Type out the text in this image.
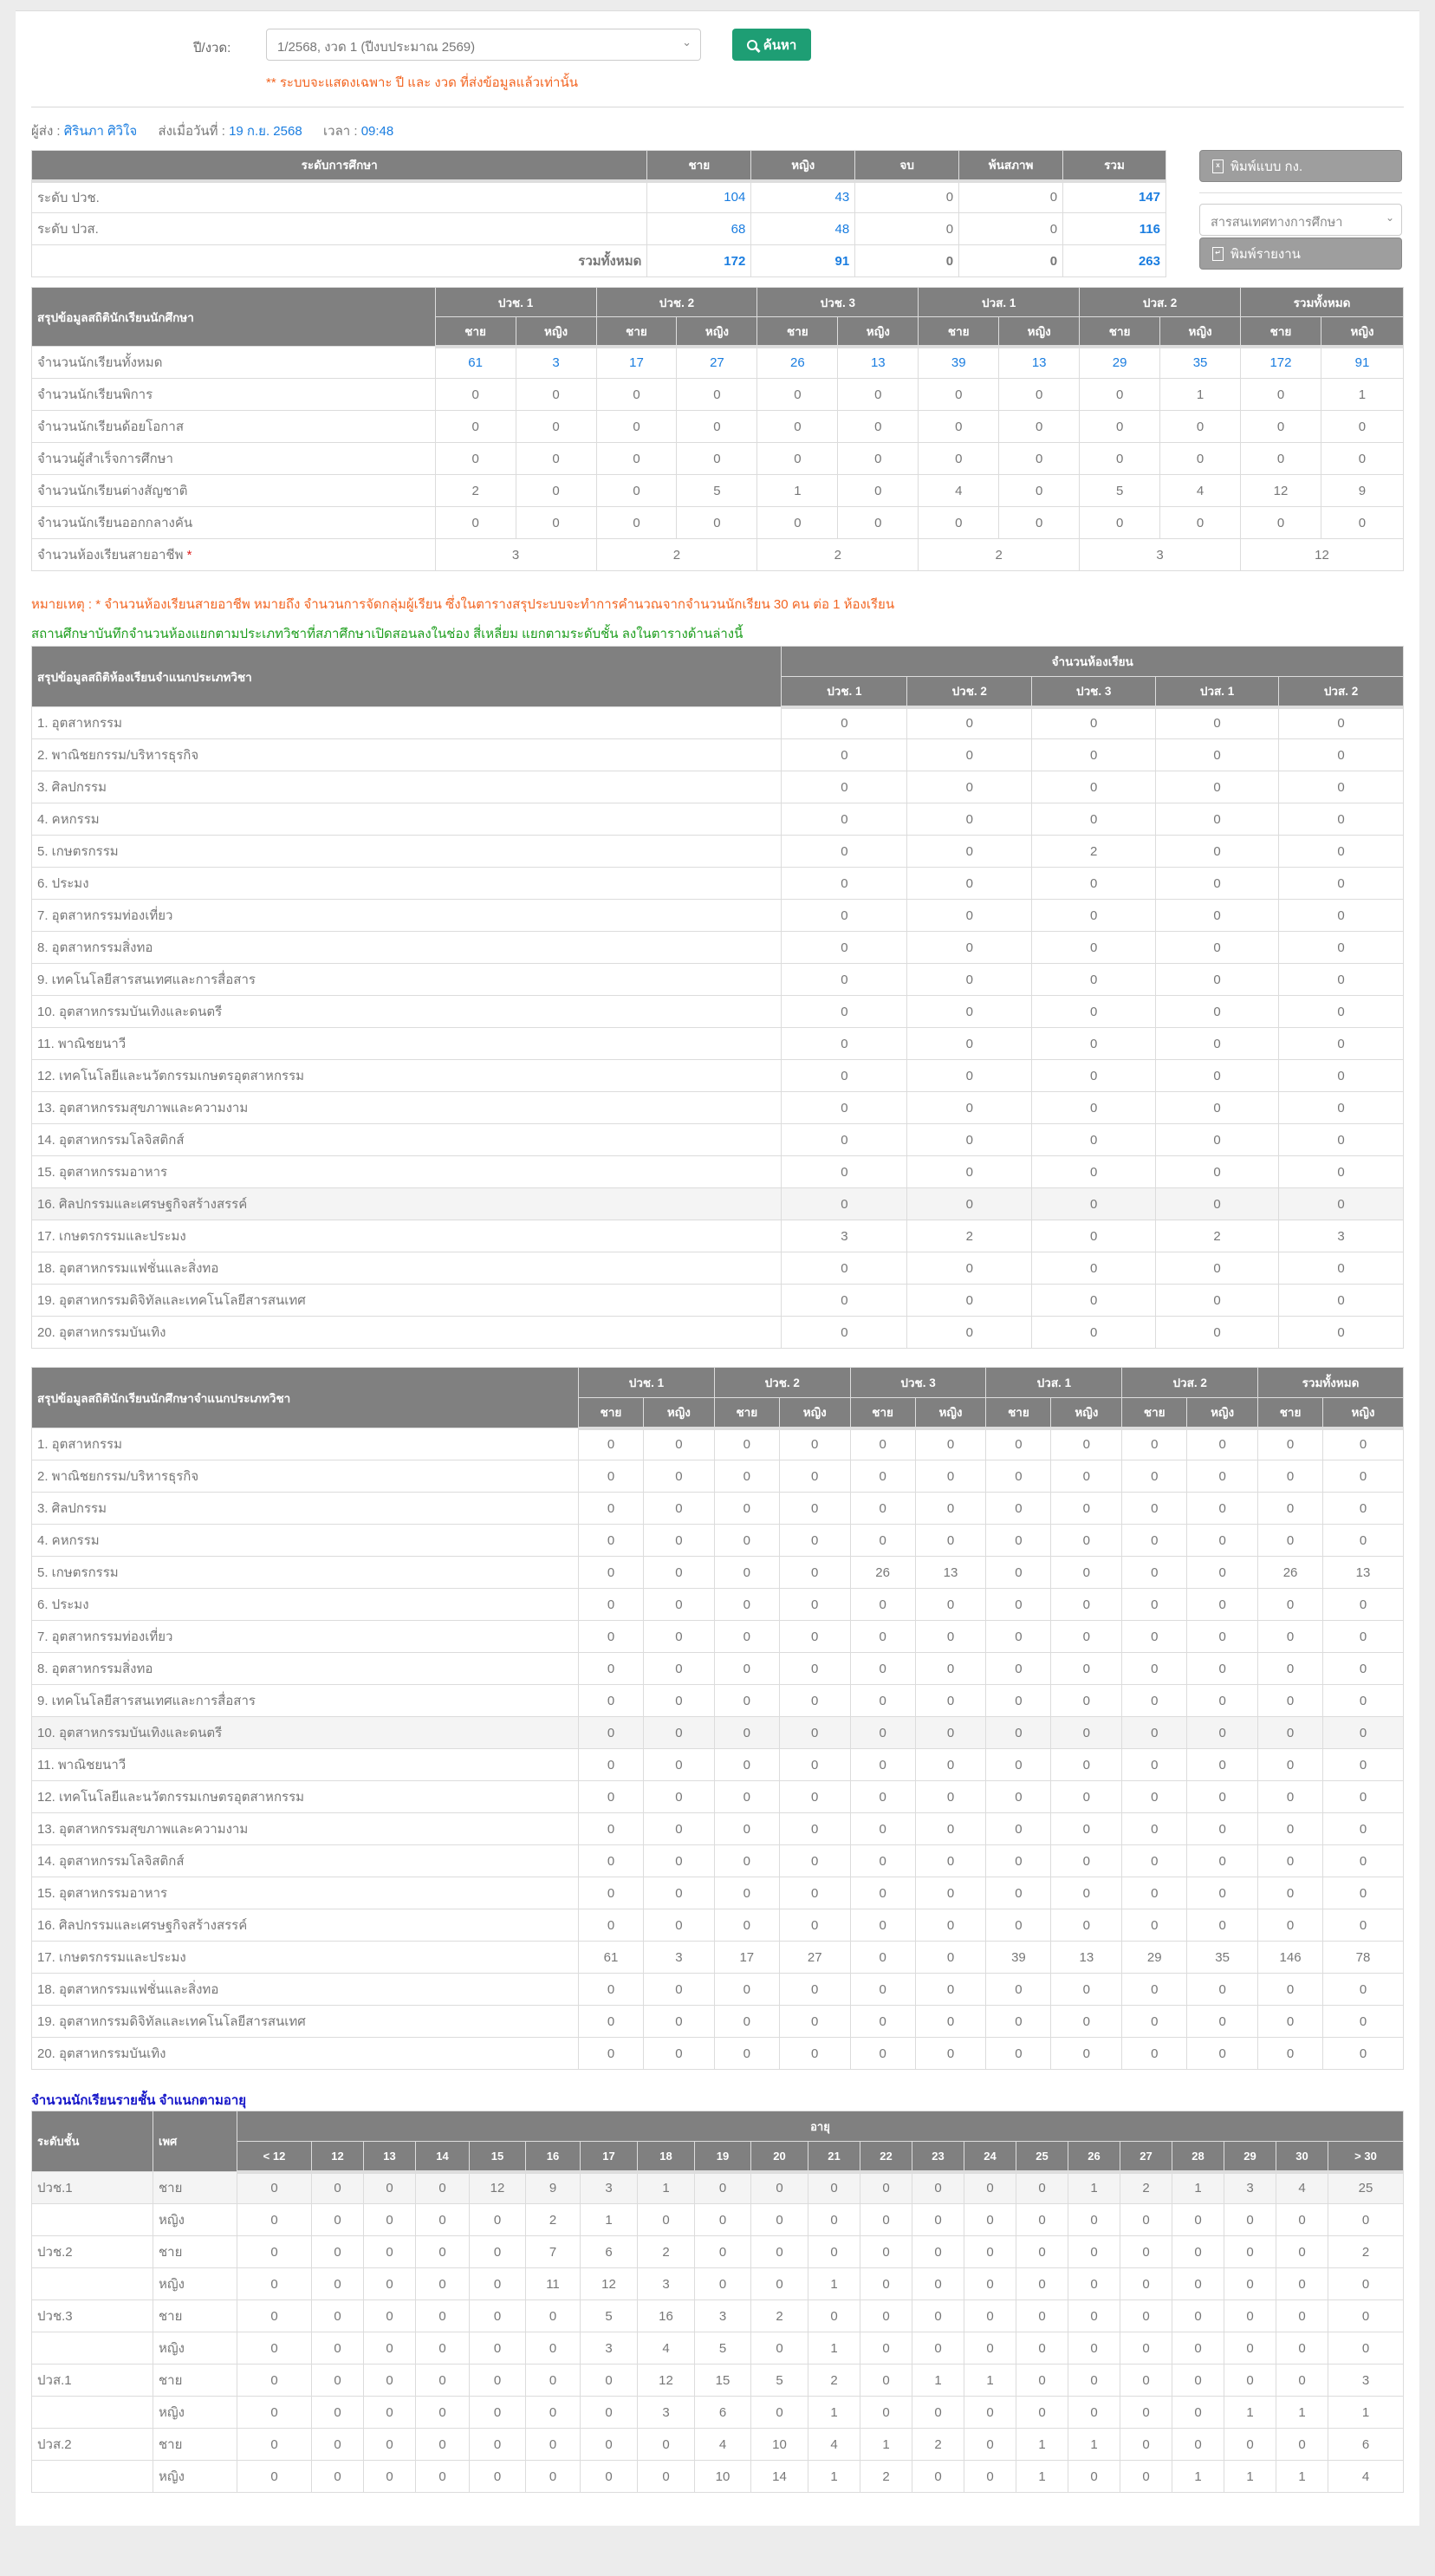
ปี/งวด:	1/2568, งวด 1 (ปีงบประมาณ 2569)	⌄	ค้นหา
** ระบบจะแสดงเฉพาะ ปี และ งวด ที่ส่งข้อมูลแล้วเท่านั้น
ผู้ส่ง : ศิรินภา ศิวิใจ ส่งเมื่อวันที่ : 19 ก.ย. 2568 เวลา : 09:48
ระดับการศึกษา	ชาย	หญิง	จบ	พ้นสภาพ	รวม
ระดับ ปวช.	104	43	0	0	147
ระดับ ปวส.	68	48	0	0	116
รวมทั้งหมด	172	91	0	0	263
x พิมพ์แบบ กง.
สารสนเทศทางการศึกษา	⌄
↵ พิมพ์รายงาน
สรุปข้อมูลสถิตินักเรียนนักศึกษา	ปวช. 1		ปวช. 2		ปวช. 3		ปวส. 1		ปวส. 2		รวมทั้งหมด	
	ชาย	หญิง	ชาย	หญิง	ชาย	หญิง	ชาย	หญิง	ชาย	หญิง	ชาย	หญิง
จำนวนนักเรียนทั้งหมด	61	3	17	27	26	13	39	13	29	35	172	91
จำนวนนักเรียนพิการ	0	0	0	0	0	0	0	0	0	1	0	1
จำนวนนักเรียนด้อยโอกาส	0	0	0	0	0	0	0	0	0	0	0	0
จำนวนผู้สำเร็จการศึกษา	0	0	0	0	0	0	0	0	0	0	0	0
จำนวนนักเรียนต่างสัญชาติ	2	0	0	5	1	0	4	0	5	4	12	9
จำนวนนักเรียนออกกลางคัน	0	0	0	0	0	0	0	0	0	0	0	0
จำนวนห้องเรียนสายอาชีพ *	3		2		2		2		3		12	
หมายเหตุ : * จำนวนห้องเรียนสายอาชีพ หมายถึง จำนวนการจัดกลุ่มผู้เรียน ซึ่งในตารางสรุประบบจะทำการคำนวณจากจำนวนนักเรียน 30 คน ต่อ 1 ห้องเรียน
สถานศึกษาบันทึกจำนวนห้องแยกตามประเภทวิชาที่สภาศึกษาเปิดสอนลงในช่อง สี่เหลี่ยม แยกตามระดับชั้น ลงในตารางด้านล่างนี้
สรุปข้อมูลสถิติห้องเรียนจำแนกประเภทวิชา	จำนวนห้องเรียน				
	ปวช. 1	ปวช. 2	ปวช. 3	ปวส. 1	ปวส. 2
1. อุตสาหกรรม	0	0	0	0	0
2. พาณิชยกรรม/บริหารธุรกิจ	0	0	0	0	0
3. ศิลปกรรม	0	0	0	0	0
4. คหกรรม	0	0	0	0	0
5. เกษตรกรรม	0	0	2	0	0
6. ประมง	0	0	0	0	0
7. อุตสาหกรรมท่องเที่ยว	0	0	0	0	0
8. อุตสาหกรรมสิ่งทอ	0	0	0	0	0
9. เทคโนโลยีสารสนเทศและการสื่อสาร	0	0	0	0	0
10. อุตสาหกรรมบันเทิงและดนตรี	0	0	0	0	0
11. พาณิชยนาวี	0	0	0	0	0
12. เทคโนโลยีและนวัตกรรมเกษตรอุตสาหกรรม	0	0	0	0	0
13. อุตสาหกรรมสุขภาพและความงาม	0	0	0	0	0
14. อุตสาหกรรมโลจิสติกส์	0	0	0	0	0
15. อุตสาหกรรมอาหาร	0	0	0	0	0
16. ศิลปกรรมและเศรษฐกิจสร้างสรรค์	0	0	0	0	0
17. เกษตรกรรมและประมง	3	2	0	2	3
18. อุตสาหกรรมแฟชั่นและสิ่งทอ	0	0	0	0	0
19. อุตสาหกรรมดิจิทัลและเทคโนโลยีสารสนเทศ	0	0	0	0	0
20. อุตสาหกรรมบันเทิง	0	0	0	0	0
สรุปข้อมูลสถิตินักเรียนนักศึกษาจำแนกประเภทวิชา	ปวช. 1		ปวช. 2		ปวช. 3		ปวส. 1		ปวส. 2		รวมทั้งหมด	
	ชาย	หญิง	ชาย	หญิง	ชาย	หญิง	ชาย	หญิง	ชาย	หญิง	ชาย	หญิง
1. อุตสาหกรรม	0	0	0	0	0	0	0	0	0	0	0	0
2. พาณิชยกรรม/บริหารธุรกิจ	0	0	0	0	0	0	0	0	0	0	0	0
3. ศิลปกรรม	0	0	0	0	0	0	0	0	0	0	0	0
4. คหกรรม	0	0	0	0	0	0	0	0	0	0	0	0
5. เกษตรกรรม	0	0	0	0	26	13	0	0	0	0	26	13
6. ประมง	0	0	0	0	0	0	0	0	0	0	0	0
7. อุตสาหกรรมท่องเที่ยว	0	0	0	0	0	0	0	0	0	0	0	0
8. อุตสาหกรรมสิ่งทอ	0	0	0	0	0	0	0	0	0	0	0	0
9. เทคโนโลยีสารสนเทศและการสื่อสาร	0	0	0	0	0	0	0	0	0	0	0	0
10. อุตสาหกรรมบันเทิงและดนตรี	0	0	0	0	0	0	0	0	0	0	0	0
11. พาณิชยนาวี	0	0	0	0	0	0	0	0	0	0	0	0
12. เทคโนโลยีและนวัตกรรมเกษตรอุตสาหกรรม	0	0	0	0	0	0	0	0	0	0	0	0
13. อุตสาหกรรมสุขภาพและความงาม	0	0	0	0	0	0	0	0	0	0	0	0
14. อุตสาหกรรมโลจิสติกส์	0	0	0	0	0	0	0	0	0	0	0	0
15. อุตสาหกรรมอาหาร	0	0	0	0	0	0	0	0	0	0	0	0
16. ศิลปกรรมและเศรษฐกิจสร้างสรรค์	0	0	0	0	0	0	0	0	0	0	0	0
17. เกษตรกรรมและประมง	61	3	17	27	0	0	39	13	29	35	146	78
18. อุตสาหกรรมแฟชั่นและสิ่งทอ	0	0	0	0	0	0	0	0	0	0	0	0
19. อุตสาหกรรมดิจิทัลและเทคโนโลยีสารสนเทศ	0	0	0	0	0	0	0	0	0	0	0	0
20. อุตสาหกรรมบันเทิง	0	0	0	0	0	0	0	0	0	0	0	0
จำนวนนักเรียนรายชั้น จำแนกตามอายุ
ระดับชั้น	เพศ	อายุ																				
		< 12	12	13	14	15	16	17	18	19	20	21	22	23	24	25	26	27	28	29	30	> 30
ปวช.1	ชาย	0	0	0	0	12	9	3	1	0	0	0	0	0	0	0	1	2	1	3	4	25
	หญิง	0	0	0	0	0	2	1	0	0	0	0	0	0	0	0	0	0	0	0	0	0
ปวช.2	ชาย	0	0	0	0	0	7	6	2	0	0	0	0	0	0	0	0	0	0	0	0	2
	หญิง	0	0	0	0	0	11	12	3	0	0	1	0	0	0	0	0	0	0	0	0	0
ปวช.3	ชาย	0	0	0	0	0	0	5	16	3	2	0	0	0	0	0	0	0	0	0	0	0
	หญิง	0	0	0	0	0	0	3	4	5	0	1	0	0	0	0	0	0	0	0	0	0
ปวส.1	ชาย	0	0	0	0	0	0	0	12	15	5	2	0	1	1	0	0	0	0	0	0	3
	หญิง	0	0	0	0	0	0	0	3	6	0	1	0	0	0	0	0	0	0	1	1	1
ปวส.2	ชาย	0	0	0	0	0	0	0	0	4	10	4	1	2	0	1	1	0	0	0	0	6
	หญิง	0	0	0	0	0	0	0	0	10	14	1	2	0	0	1	0	0	1	1	1	4
